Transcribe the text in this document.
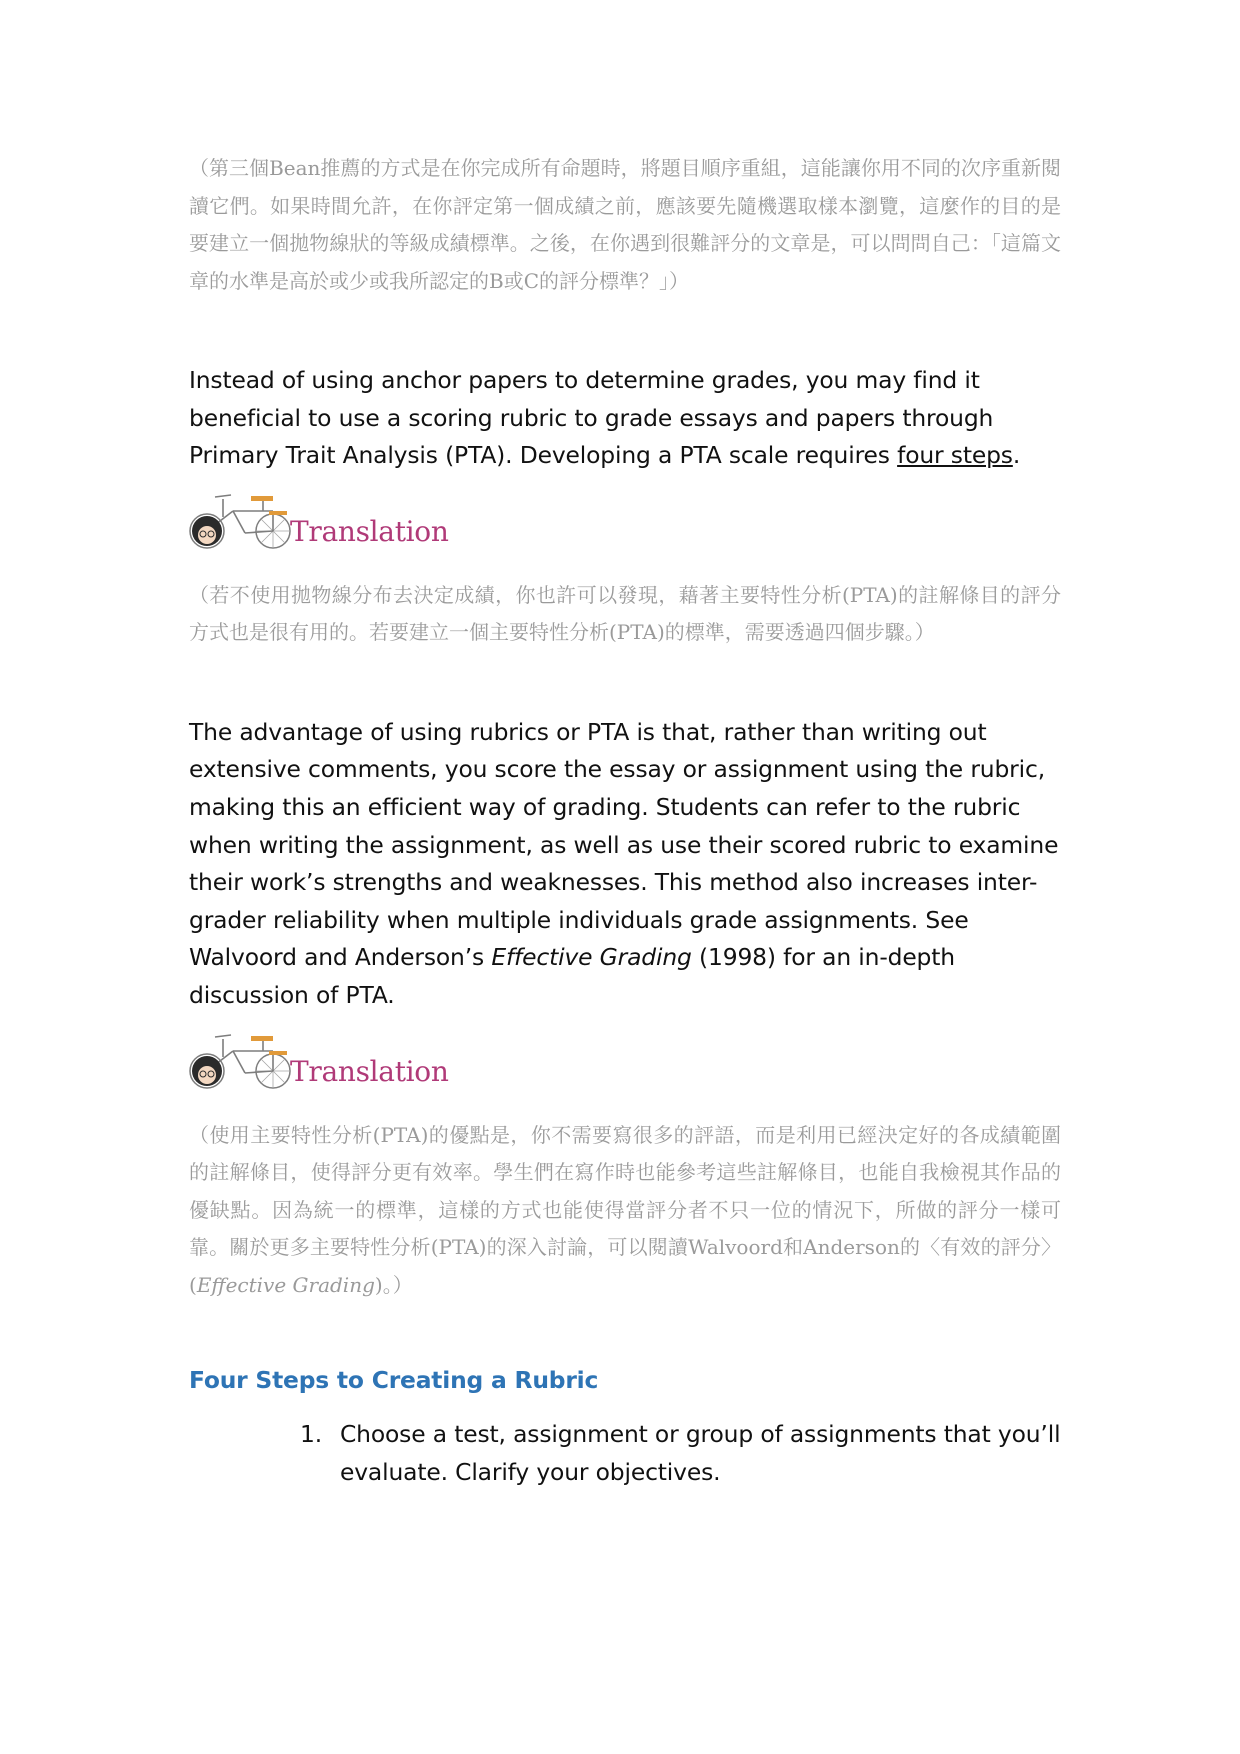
（第三個Bean推薦的方式是在你完成所有命題時，將題目順序重組，這能讓你用不同的次序重新閱讀它們。如果時間允許，在你評定第一個成績之前，應該要先隨機選取樣本瀏覽，這麼作的目的是要建立一個拋物線狀的等級成績標準。之後，在你遇到很難評分的文章是，可以問問自己：「這篇文章的水準是高於或少或我所認定的B或C的評分標準？」）

Instead of using anchor papers to determine grades, you may find it beneficial to use a scoring rubric to grade essays and papers through Primary Trait Analysis (PTA). Developing a PTA scale requires four steps.

Translation

（若不使用拋物線分布去決定成績，你也許可以發現，藉著主要特性分析(PTA)的註解條目的評分方式也是很有用的。若要建立一個主要特性分析(PTA)的標準，需要透過四個步驟。）

The advantage of using rubrics or PTA is that, rather than writing out extensive comments, you score the essay or assignment using the rubric, making this an efficient way of grading. Students can refer to the rubric when writing the assignment, as well as use their scored rubric to examine their work’s strengths and weaknesses. This method also increases inter-grader reliability when multiple individuals grade assignments. See Walvoord and Anderson’s Effective Grading (1998) for an in-depth discussion of PTA.

Translation

（使用主要特性分析(PTA)的優點是，你不需要寫很多的評語，而是利用已經決定好的各成績範圍的註解條目，使得評分更有效率。學生們在寫作時也能參考這些註解條目，也能自我檢視其作品的優缺點。因為統一的標準，這樣的方式也能使得當評分者不只一位的情況下，所做的評分一樣可靠。關於更多主要特性分析(PTA)的深入討論，可以閱讀Walvoord和Anderson的〈有效的評分〉(Effective Grading)。）

Four Steps to Creating a Rubric
1. Choose a test, assignment or group of assignments that you’ll evaluate. Clarify your objectives.
